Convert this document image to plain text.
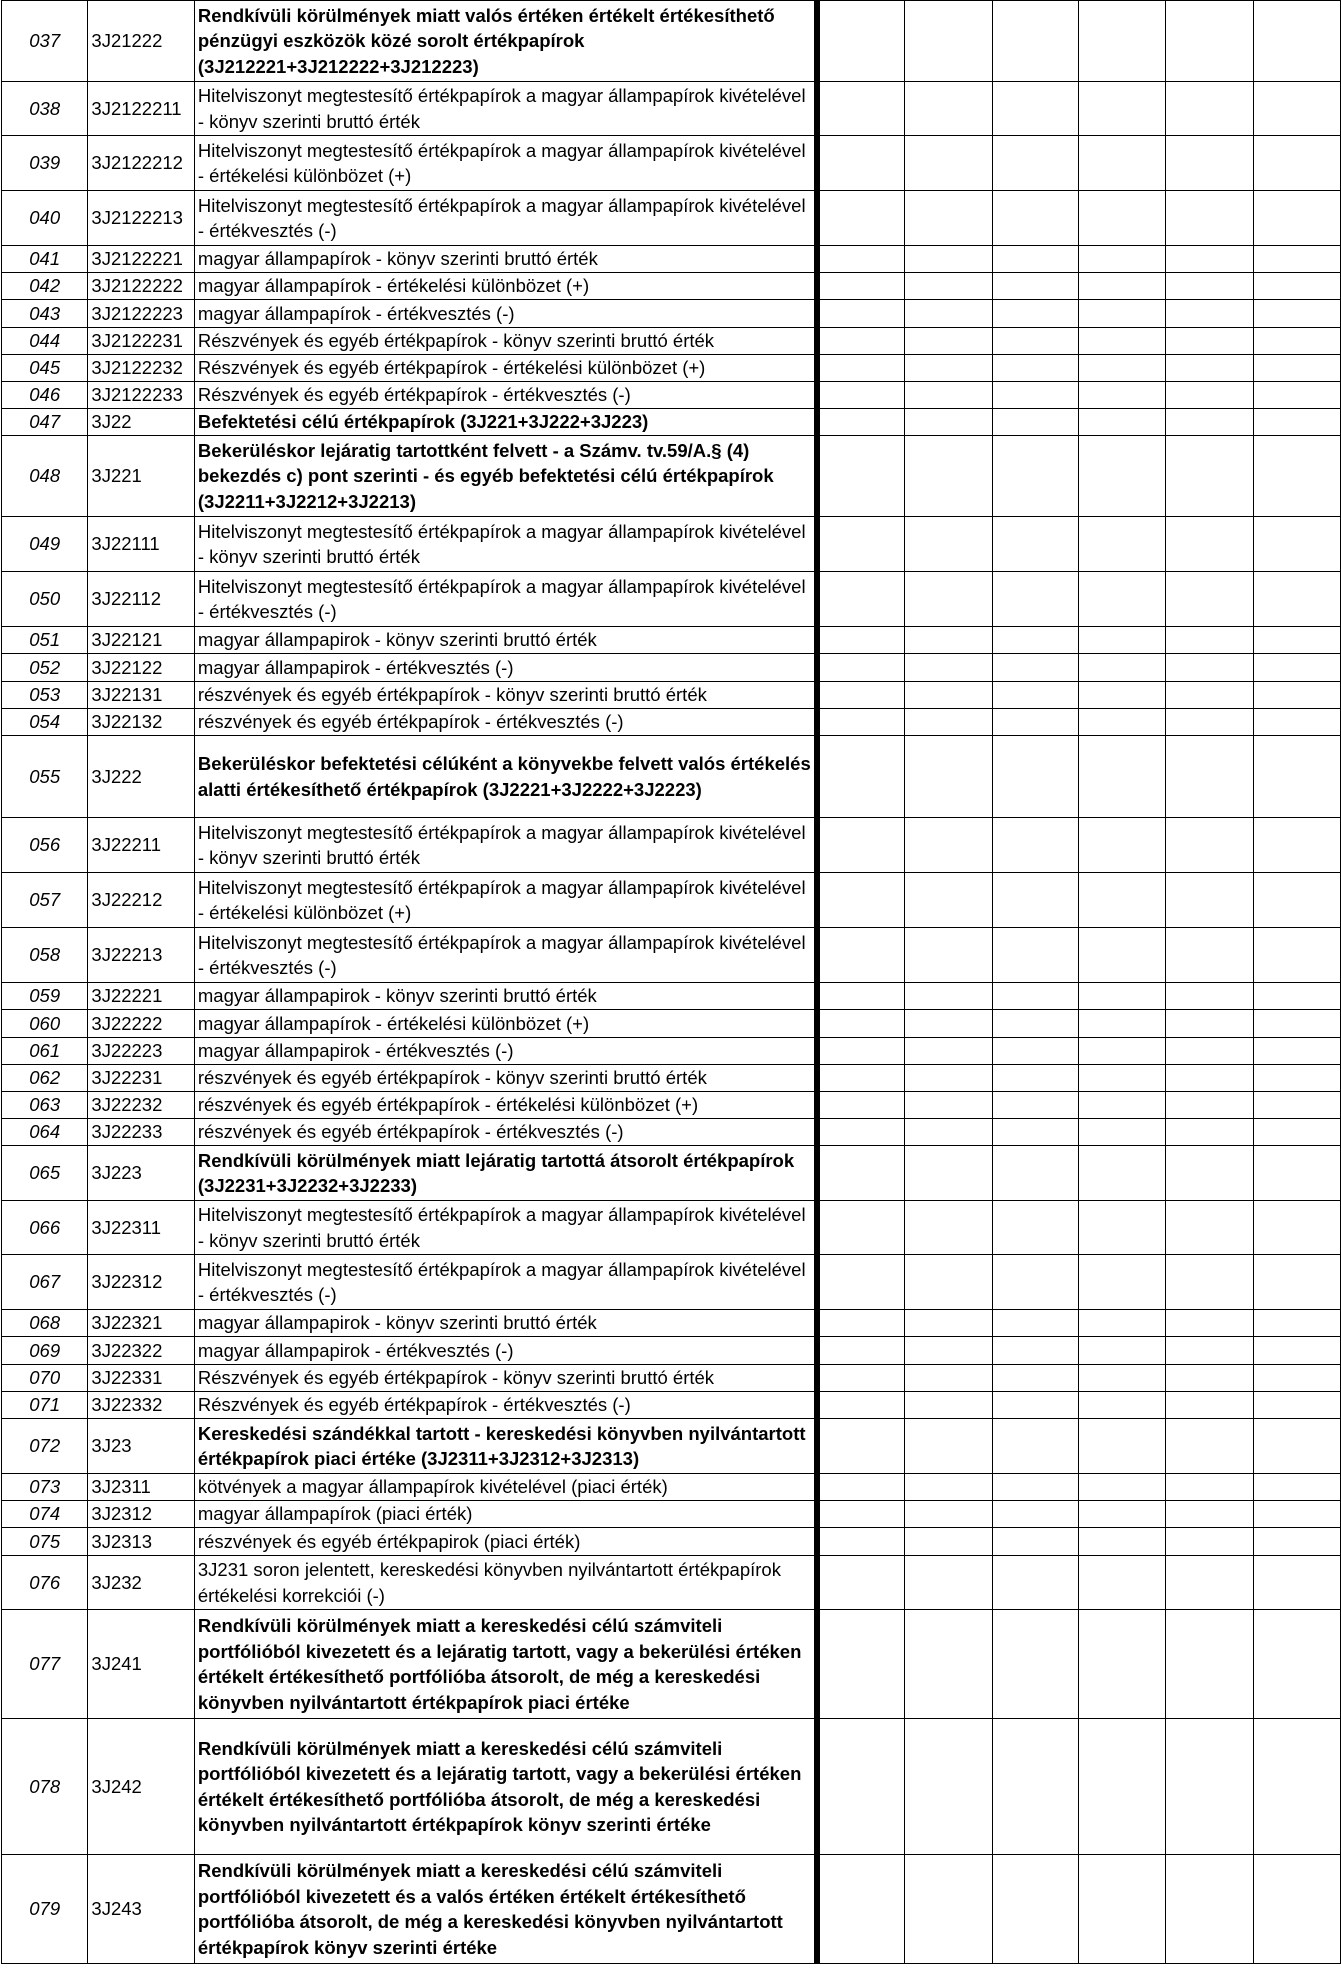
037	3J21222	Rendkívüli körülmények miatt valós értéken értékelt értékesíthető pénzügyi eszközök közé sorolt értékpapírok (3J212221+3J212222+3J212223)							
038	3J2122211	Hitelviszonyt megtestesítő értékpapírok a magyar állampapírok kivételével - könyv szerinti bruttó érték							
039	3J2122212	Hitelviszonyt megtestesítő értékpapírok a magyar állampapírok kivételével - értékelési különbözet (+)							
040	3J2122213	Hitelviszonyt megtestesítő értékpapírok a magyar állampapírok kivételével - értékvesztés (-)							
041	3J2122221	magyar állampapírok - könyv szerinti bruttó érték							
042	3J2122222	magyar állampapírok - értékelési különbözet (+)							
043	3J2122223	magyar állampapírok - értékvesztés (-)							
044	3J2122231	Részvények és egyéb értékpapírok - könyv szerinti bruttó érték							
045	3J2122232	Részvények és egyéb értékpapírok - értékelési különbözet (+)							
046	3J2122233	Részvények és egyéb értékpapírok - értékvesztés (-)							
047	3J22	Befektetési célú értékpapírok (3J221+3J222+3J223)							
048	3J221	Bekerüléskor lejáratig tartottként felvett - a Számv. tv.59/A.§ (4) bekezdés c) pont szerinti - és egyéb befektetési célú értékpapírok (3J2211+3J2212+3J2213)							
049	3J22111	Hitelviszonyt megtestesítő értékpapírok a magyar állampapírok kivételével - könyv szerinti bruttó érték							
050	3J22112	Hitelviszonyt megtestesítő értékpapírok a magyar állampapírok kivételével - értékvesztés (-)							
051	3J22121	magyar állampapirok - könyv szerinti bruttó érték							
052	3J22122	magyar állampapirok - értékvesztés (-)							
053	3J22131	részvények és egyéb értékpapírok - könyv szerinti bruttó érték							
054	3J22132	részvények és egyéb értékpapírok - értékvesztés (-)							
055	3J222	Bekerüléskor befektetési célúként a könyvekbe felvett valós értékelés alatti értékesíthető értékpapírok (3J2221+3J2222+3J2223)							
056	3J22211	Hitelviszonyt megtestesítő értékpapírok a magyar állampapírok kivételével - könyv szerinti bruttó érték							
057	3J22212	Hitelviszonyt megtestesítő értékpapírok a magyar állampapírok kivételével - értékelési különbözet (+)							
058	3J22213	Hitelviszonyt megtestesítő értékpapírok a magyar állampapírok kivételével - értékvesztés (-)							
059	3J22221	magyar állampapirok - könyv szerinti bruttó érték							
060	3J22222	magyar állampapírok - értékelési különbözet (+)							
061	3J22223	magyar állampapirok - értékvesztés (-)							
062	3J22231	részvények és egyéb értékpapírok - könyv szerinti bruttó érték							
063	3J22232	részvények és egyéb értékpapírok - értékelési különbözet (+)							
064	3J22233	részvények és egyéb értékpapírok - értékvesztés (-)							
065	3J223	Rendkívüli körülmények miatt lejáratig tartottá átsorolt értékpapírok (3J2231+3J2232+3J2233)							
066	3J22311	Hitelviszonyt megtestesítő értékpapírok a magyar állampapírok kivételével - könyv szerinti bruttó érték							
067	3J22312	Hitelviszonyt megtestesítő értékpapírok a magyar állampapírok kivételével - értékvesztés (-)							
068	3J22321	magyar állampapirok - könyv szerinti bruttó érték							
069	3J22322	magyar állampapirok - értékvesztés (-)							
070	3J22331	Részvények és egyéb értékpapírok - könyv szerinti bruttó érték							
071	3J22332	Részvények és egyéb értékpapírok - értékvesztés (-)							
072	3J23	Kereskedési szándékkal tartott - kereskedési könyvben nyilvántartott értékpapírok piaci értéke (3J2311+3J2312+3J2313)							
073	3J2311	kötvények a magyar állampapírok kivételével (piaci érték)							
074	3J2312	magyar állampapírok (piaci érték)							
075	3J2313	részvények és egyéb értékpapirok (piaci érték)							
076	3J232	3J231 soron jelentett, kereskedési könyvben nyilvántartott értékpapírok értékelési korrekciói (-)							
077	3J241	Rendkívüli körülmények miatt a kereskedési célú számviteli portfólióból kivezetett és a lejáratig tartott, vagy a bekerülési értéken értékelt értékesíthető portfólióba átsorolt, de még a kereskedési könyvben nyilvántartott értékpapírok piaci értéke							
078	3J242	Rendkívüli körülmények miatt a kereskedési célú számviteli portfólióból kivezetett és a lejáratig tartott, vagy a bekerülési értéken értékelt értékesíthető portfólióba átsorolt, de még a kereskedési könyvben nyilvántartott értékpapírok könyv szerinti értéke							
079	3J243	Rendkívüli körülmények miatt a kereskedési célú számviteli portfólióból kivezetett és a valós értéken értékelt értékesíthető portfólióba átsorolt, de még a kereskedési könyvben nyilvántartott értékpapírok könyv szerinti értéke							
